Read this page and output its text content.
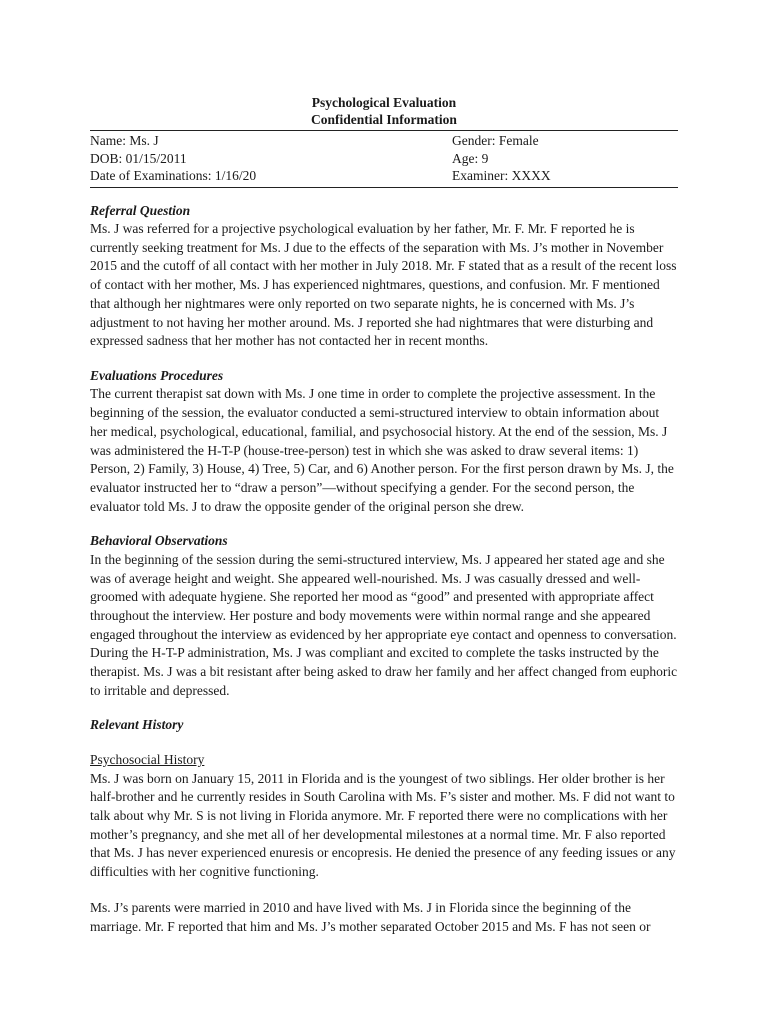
Psychological Evaluation

Confidential Information

Name: Ms. J	Gender: Female
DOB: 01/15/2011	Age: 9
Date of Examinations: 1/16/20	Examiner: XXXX

Referral Question

Ms. J was referred for a projective psychological evaluation by her father, Mr. F. Mr. F reported he is currently seeking treatment for Ms. J due to the effects of the separation with Ms. J’s mother in November 2015 and the cutoff of all contact with her mother in July 2018. Mr. F stated that as a result of the recent loss of contact with her mother, Ms. J has experienced nightmares, questions, and confusion. Mr. F mentioned that although her nightmares were only reported on two separate nights, he is concerned with Ms. J’s adjustment to not having her mother around. Ms. J reported she had nightmares that were disturbing and expressed sadness that her mother has not contacted her in recent months.

Evaluations Procedures

The current therapist sat down with Ms. J one time in order to complete the projective assessment. In the beginning of the session, the evaluator conducted a semi-structured interview to obtain information about her medical, psychological, educational, familial, and psychosocial history. At the end of the session, Ms. J was administered the H-T-P (house-tree-person) test in which she was asked to draw several items: 1) Person, 2) Family, 3) House, 4) Tree, 5) Car, and 6) Another person. For the first person drawn by Ms. J, the evaluator instructed her to “draw a person”—without specifying a gender. For the second person, the evaluator told Ms. J to draw the opposite gender of the original person she drew.

Behavioral Observations

In the beginning of the session during the semi-structured interview, Ms. J appeared her stated age and she was of average height and weight. She appeared well-nourished. Ms. J was casually dressed and well-groomed with adequate hygiene. She reported her mood as “good” and presented with appropriate affect throughout the interview. Her posture and body movements were within normal range and she appeared engaged throughout the interview as evidenced by her appropriate eye contact and openness to conversation. During the H-T-P administration, Ms. J was compliant and excited to complete the tasks instructed by the therapist. Ms. J was a bit resistant after being asked to draw her family and her affect changed from euphoric to irritable and depressed.

Relevant History

Psychosocial History

Ms. J was born on January 15, 2011 in Florida and is the youngest of two siblings. Her older brother is her half-brother and he currently resides in South Carolina with Ms. F’s sister and mother. Ms. F did not want to talk about why Mr. S is not living in Florida anymore. Mr. F reported there were no complications with her mother’s pregnancy, and she met all of her developmental milestones at a normal time. Mr. F also reported that Ms. J has never experienced enuresis or encopresis. He denied the presence of any feeding issues or any difficulties with her cognitive functioning.

Ms. J’s parents were married in 2010 and have lived with Ms. J in Florida since the beginning of the marriage. Mr. F reported that him and Ms. J’s mother separated October 2015 and Ms. F has not seen or
